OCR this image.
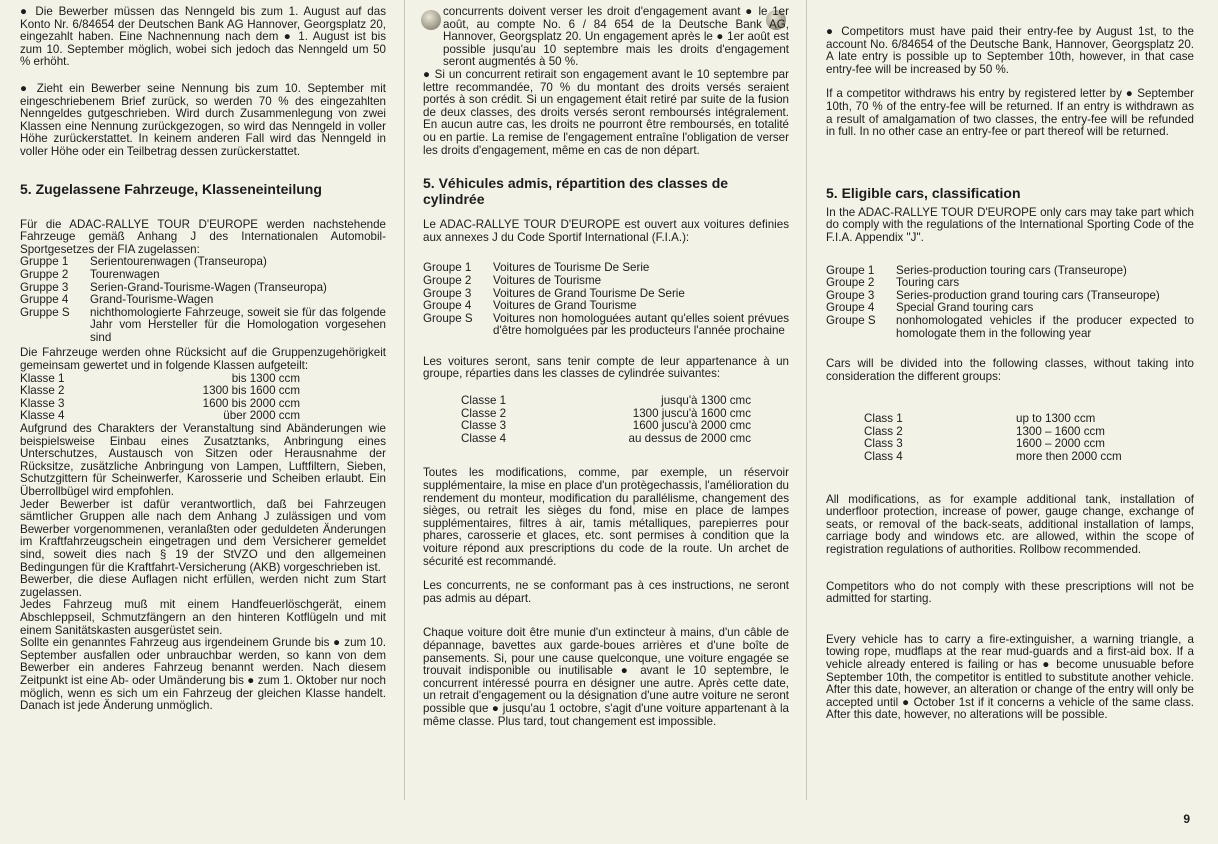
● Die Bewerber müssen das Nenngeld bis zum 1. August auf das Konto Nr. 6/84654 der Deutschen Bank AG Hannover, Georgsplatz 20, eingezahlt haben. Eine Nachnennung nach dem ● 1. August ist bis zum 10. September möglich, wobei sich jedoch das Nenngeld um 50 % erhöht.

● Zieht ein Bewerber seine Nennung bis zum 10. September mit eingeschriebenem Brief zurück, so werden 70 % des eingezahlten Nenngeldes gutgeschrieben. Wird durch Zusammenlegung von zwei Klassen eine Nennung zurückgezogen, so wird das Nenngeld in voller Höhe zurückerstattet. In keinem anderen Fall wird das Nenngeld in voller Höhe oder ein Teilbetrag dessen zurückerstattet.

5. Zugelassene Fahrzeuge, Klasseneinteilung

Für die ADAC-RALLYE TOUR D'EUROPE werden nachstehende Fahrzeuge gemäß Anhang J des Internationalen Automobil-Sportgesetzes der FIA zugelassen:

Gruppe 1	Serientourenwagen (Transeuropa)
Gruppe 2	Tourenwagen
Gruppe 3	Serien-Grand-Tourisme-Wagen (Transeuropa)
Gruppe 4	Grand-Tourisme-Wagen
Gruppe S	nichthomologierte Fahrzeuge, soweit sie für das folgende Jahr vom Hersteller für die Homologation vorgesehen sind

Die Fahrzeuge werden ohne Rücksicht auf die Gruppenzugehörigkeit gemeinsam gewertet und in folgende Klassen aufgeteilt:

Klasse 1	bis 1300 ccm
Klasse 2	1300 bis 1600 ccm
Klasse 3	1600 bis 2000 ccm
Klasse 4	über 2000 ccm

Aufgrund des Charakters der Veranstaltung sind Abänderungen wie beispielsweise Einbau eines Zusatztanks, Anbringung eines Unterschutzes, Austausch von Sitzen oder Herausnahme der Rücksitze, zusätzliche Anbringung von Lampen, Luftfiltern, Sieben, Schutzgittern für Scheinwerfer, Karosserie und Scheiben erlaubt. Ein Überrollbügel wird empfohlen.

Jeder Bewerber ist dafür verantwortlich, daß bei Fahrzeugen sämtlicher Gruppen alle nach dem Anhang J zulässigen und vom Bewerber vorgenommenen, veranlaßten oder geduldeten Änderungen im Kraftfahrzeugschein eingetragen und dem Versicherer gemeldet sind, soweit dies nach § 19 der StVZO und den allgemeinen Bedingungen für die Kraftfahrt-Versicherung (AKB) vorgeschrieben ist.

Bewerber, die diese Auflagen nicht erfüllen, werden nicht zum Start zugelassen.

Jedes Fahrzeug muß mit einem Handfeuerlöschgerät, einem Abschleppseil, Schmutzfängern an den hinteren Kotflügeln und mit einem Sanitätskasten ausgerüstet sein.

Sollte ein genanntes Fahrzeug aus irgendeinem Grunde bis ● zum 10. September ausfallen oder unbrauchbar werden, so kann von dem Bewerber ein anderes Fahrzeug benannt werden. Nach diesem Zeitpunkt ist eine Ab- oder Umänderung bis ● zum 1. Oktober nur noch möglich, wenn es sich um ein Fahrzeug der gleichen Klasse handelt. Danach ist jede Änderung unmöglich.

concurrents doivent verser les droit d'engagement avant ● le 1er août, au compte No. 6 / 84 654 de la Deutsche Bank AG, Hannover, Georgsplatz 20. Un engagement après le ● 1er août est possible jusqu'au 10 septembre mais les droits d'engagement seront augmentés à 50 %.

● Si un concurrent retirait son engagement avant le 10 septembre par lettre recommandée, 70 % du montant des droits versés seraient portés à son crédit. Si un engagement était retiré par suite de la fusion de deux classes, des droits versés seront remboursés intégralement. En aucun autre cas, les droits ne pourront être remboursés, en totalité ou en partie. La remise de l'engagement entraîne l'obligation de verser les droits d'engagement, même en cas de non départ.

5. Véhicules admis, répartition des classes de
cylindrée

Le ADAC-RALLYE TOUR D'EUROPE est ouvert aux voitures definies aux annexes J du Code Sportif International (F.I.A.):

Groupe 1	Voitures de Tourisme De Serie
Groupe 2	Voitures de Tourisme
Groupe 3	Voitures de Grand Tourisme De Serie
Groupe 4	Voitures de Grand Tourisme
Groupe S	Voitures non homologuées autant qu'elles soient prévues d'être homolguées par les producteurs l'année prochaine

Les voitures seront, sans tenir compte de leur appartenance à un groupe, réparties dans les classes de cylindrée suivantes:

Classe 1	jusqu'à 1300 cmc
Classe 2	1300 juscu'à 1600 cmc
Classe 3	1600 juscu'à 2000 cmc
Classe 4	au dessus de 2000 cmc

Toutes les modifications, comme, par exemple, un réservoir supplémentaire, la mise en place d'un protègechassis, l'amélioration du rendement du monteur, modification du parallélisme, changement des sièges, ou retrait les sièges du fond, mise en place de lampes supplémentaires, filtres à air, tamis métalliques, parepierres pour phares, carosserie et glaces, etc. sont permises à condition que la voiture répond aux prescriptions du code de la route. Un archet de sécurité est recommandé.

Les concurrents, ne se conformant pas à ces instructions, ne seront pas admis au départ.

Chaque voiture doit être munie d'un extincteur à mains, d'un câble de dépannage, bavettes aux garde-boues arrières et d'une boîte de pansements. Si, pour une cause quelconque, une voiture engagée se trouvait indisponible ou inutilisable ● avant le 10 septembre, le concurrent intéressé pourra en désigner une autre. Après cette date, un retrait d'engagement ou la désignation d'une autre voiture ne seront possible que ● jusqu'au 1 octobre, s'agit d'une voiture appartenant à la même classe. Plus tard, tout changement est impossible.

● Competitors must have paid their entry-fee by August 1st, to the account No. 6/84654 of the Deutsche Bank, Hannover, Georgsplatz 20. A late entry is possible up to September 10th, however, in that case entry-fee will be increased by 50 %.

If a competitor withdraws his entry by registered letter by ● September 10th, 70 % of the entry-fee will be returned. If an entry is withdrawn as a result of amalgamation of two classes, the entry-fee will be refunded in full. In no other case an entry-fee or part thereof will be returned.

5. Eligible cars, classification

In the ADAC-RALLYE TOUR D'EUROPE only cars may take part which do comply with the regulations of the International Sporting Code of the F.I.A. Appendix "J".

Groupe 1	Series-production touring cars (Transeurope)
Groupe 2	Touring cars
Groupe 3	Series-production grand touring cars (Transeurope)
Groupe 4	Special Grand touring cars
Groupe S	nonhomologated vehicles if the producer expected to homologate them in the following year

Cars will be divided into the following classes, without taking into consideration the different groups:

Class 1	up to 1300 ccm
Class 2	1300 – 1600 ccm
Class 3	1600 – 2000 ccm
Class 4	more then 2000 ccm

All modifications, as for example additional tank, installation of underfloor protection, increase of power, gauge change, exchange of seats, or removal of the back-seats, additional installation of lamps, carriage body and windows etc. are allowed, within the scope of registration regulations of authorities. Rollbow recommended.

Competitors who do not comply with these prescriptions will not be admitted for starting.

Every vehicle has to carry a fire-extinguisher, a warning triangle, a towing rope, mudflaps at the rear mud-guards and a first-aid box. If a vehicle already entered is failing or has ● become unusuable before September 10th, the competitor is entitled to substitute another vehicle. After this date, however, an alteration or change of the entry will only be accepted until ● October 1st if it concerns a vehicle of the same class. After this date, however, no alterations will be possible.

9
